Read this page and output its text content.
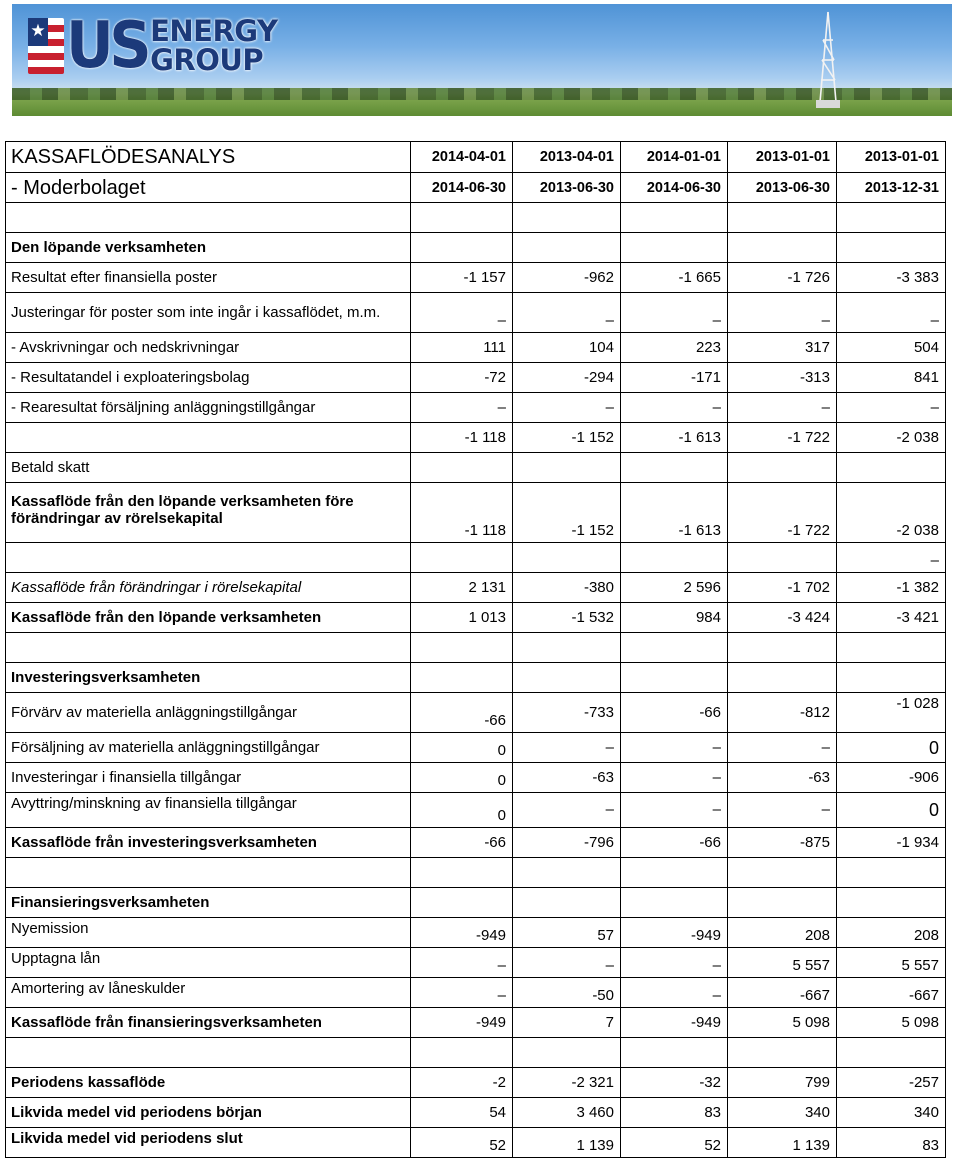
★ US ENERGY
GROUP
KASSAFLÖDESANALYS	2014-04-01	2013-04-01	2014-01-01	2013-01-01	2013-01-01
- Moderbolaget	2014-06-30	2013-06-30	2014-06-30	2013-06-30	2013-12-31

Den löpande verksamheten					
Resultat efter finansiella poster	-1 157	-962	-1 665	-1 726	-3 383
Justeringar för poster som inte ingår i kassaflödet, m.m.	–	–	–	–	–
- Avskrivningar och nedskrivningar	111	104	223	317	504
- Resultatandel i exploateringsbolag	-72	-294	-171	-313	841
- Rearesultat försäljning anläggningstillgångar	–	–	–	–	–
	-1 118	-1 152	-1 613	-1 722	-2 038
Betald skatt					
Kassaflöde från den löpande verksamheten före förändringar av rörelsekapital	-1 118	-1 152	-1 613	-1 722	-2 038
					–
Kassaflöde från förändringar i rörelsekapital	2 131	-380	2 596	-1 702	-1 382
Kassaflöde från den löpande verksamheten	1 013	-1 532	984	-3 424	-3 421

Investeringsverksamheten					
Förvärv av materiella anläggningstillgångar	-66	-733	-66	-812	-1 028
Försäljning av materiella anläggningstillgångar	0	–	–	–	0
Investeringar i finansiella tillgångar	0	-63	–	-63	-906
Avyttring/minskning av finansiella tillgångar	0	–	–	–	0
Kassaflöde från investeringsverksamheten	-66	-796	-66	-875	-1 934

Finansieringsverksamheten					
Nyemission	-949	57	-949	208	208
Upptagna lån	–	–	–	5 557	5 557
Amortering av låneskulder	–	-50	–	-667	-667
Kassaflöde från finansieringsverksamheten	-949	7	-949	5 098	5 098

Periodens kassaflöde	-2	-2 321	-32	799	-257
Likvida medel vid periodens början	54	3 460	83	340	340
Likvida medel vid periodens slut	52	1 139	52	1 139	83
